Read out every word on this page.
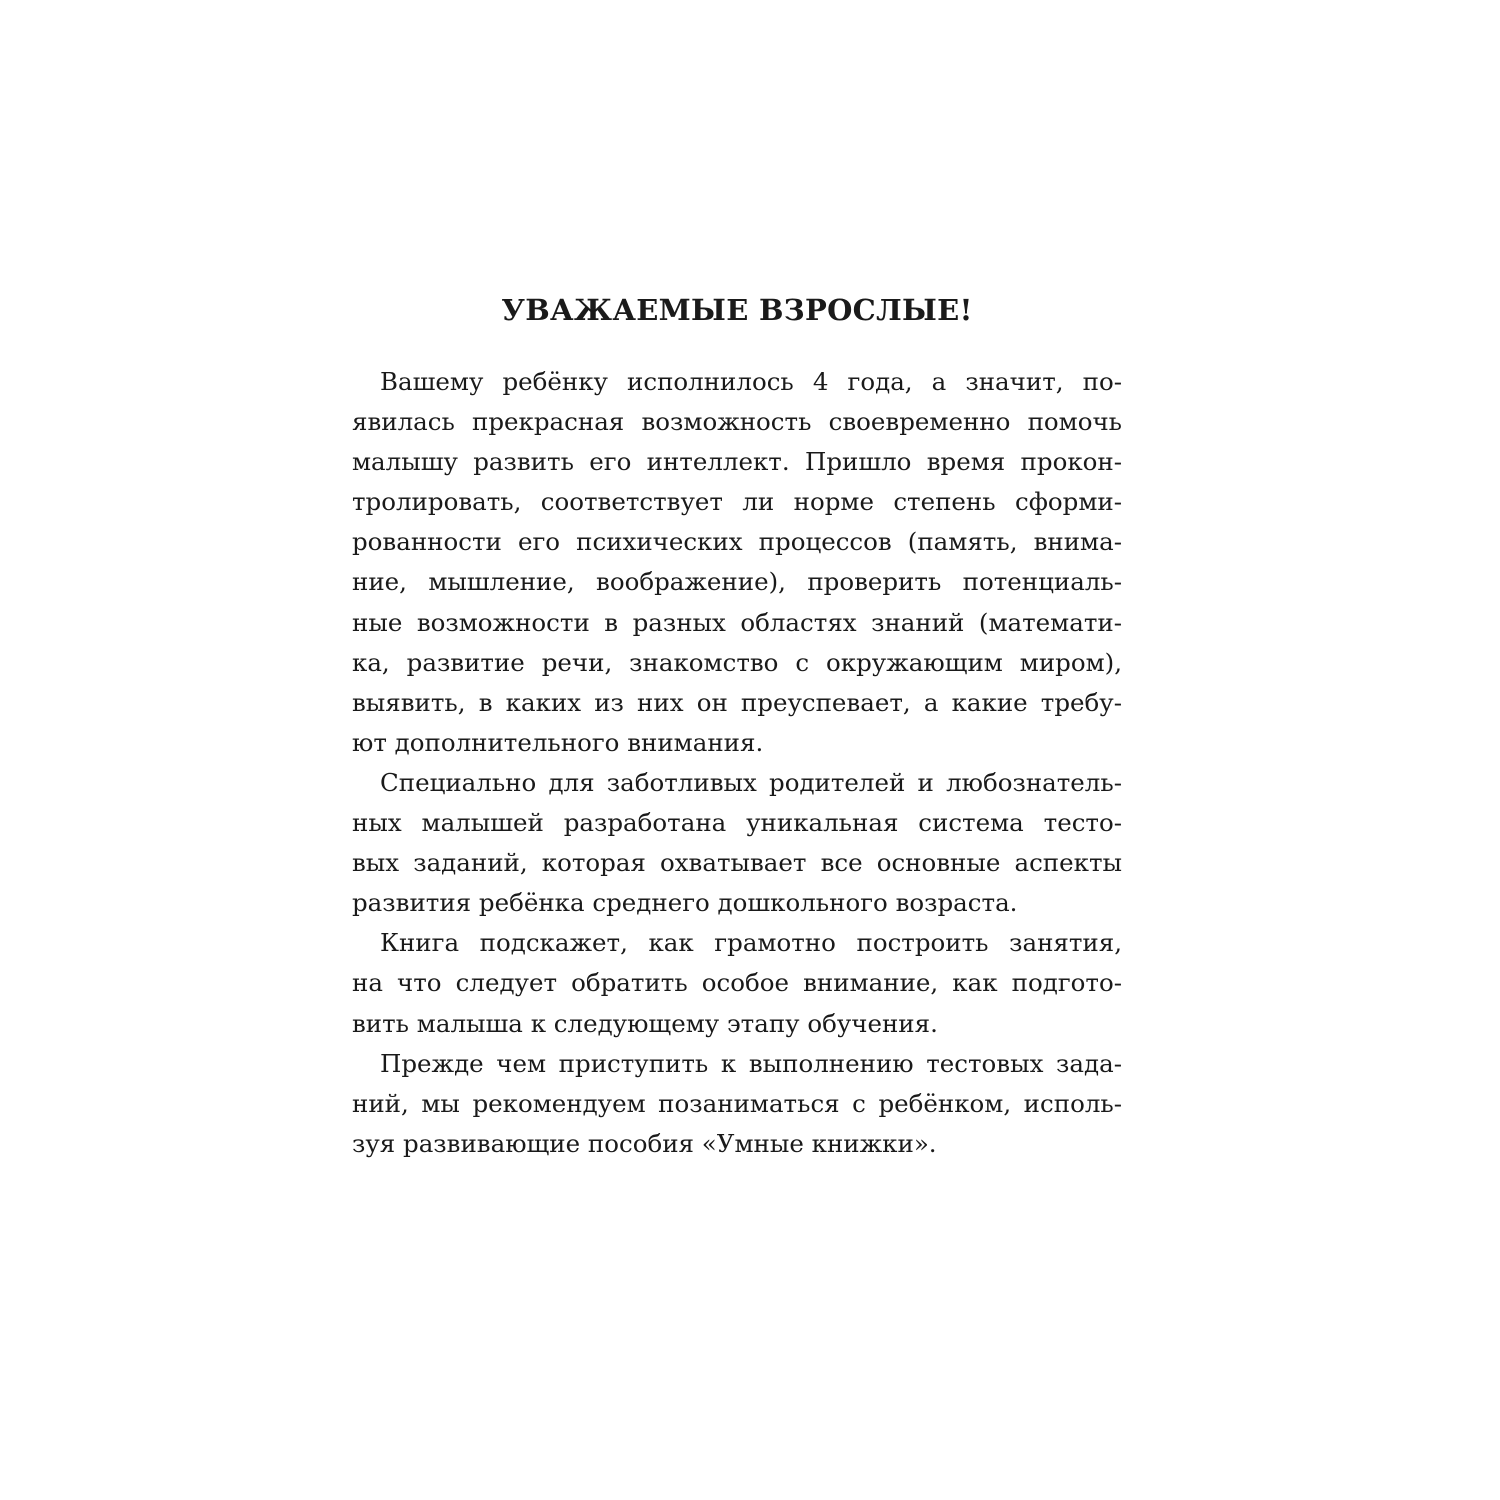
УВАЖАЕМЫЕ ВЗРОСЛЫЕ!
Вашему ребёнку исполнилось 4 года, а значит, по-
явилась прекрасная возможность своевременно помочь
малышу развить его интеллект. Пришло время прокон-
тролировать, соответствует ли норме степень сформи-
рованности его психических процессов (память, внима-
ние, мышление, воображение), проверить потенциаль-
ные возможности в разных областях знаний (математи-
ка, развитие речи, знакомство с окружающим миром),
выявить, в каких из них он преуспевает, а какие требу-
ют дополнительного внимания.
Специально для заботливых родителей и любознатель-
ных малышей разработана уникальная система тесто-
вых заданий, которая охватывает все основные аспекты
развития ребёнка среднего дошкольного возраста.
Книга подскажет, как грамотно построить занятия,
на что следует обратить особое внимание, как подгото-
вить малыша к следующему этапу обучения.
Прежде чем приступить к выполнению тестовых зада-
ний, мы рекомендуем позаниматься с ребёнком, исполь-
зуя развивающие пособия «Умные книжки».
